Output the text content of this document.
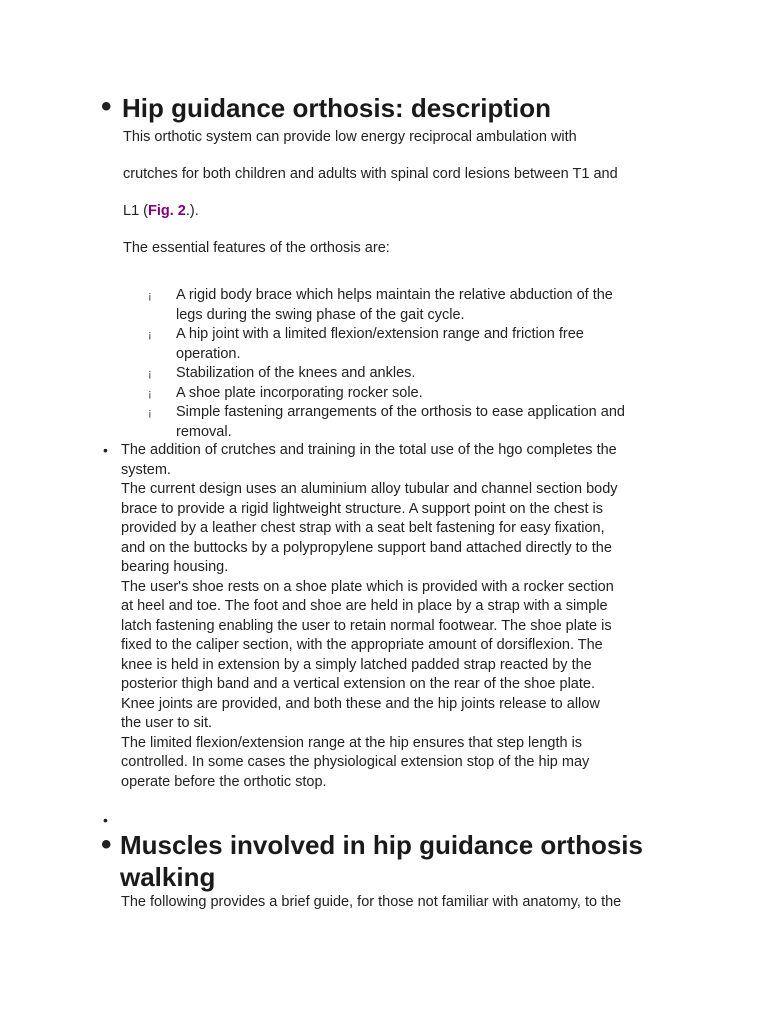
• Hip guidance orthosis: description
This orthotic system can provide low energy reciprocal ambulation with
crutches for both children and adults with spinal cord lesions between T1 and
L1 (Fig. 2.).
The essential features of the orthosis are:
¡ A rigid body brace which helps maintain the relative abduction of the
legs during the swing phase of the gait cycle.
¡ A hip joint with a limited flexion/extension range and friction free
operation.
¡ Stabilization of the knees and ankles.
¡ A shoe plate incorporating rocker sole.
¡ Simple fastening arrangements of the orthosis to ease application and
removal.
• The addition of crutches and training in the total use of the hgo completes the
system.
The current design uses an aluminium alloy tubular and channel section body
brace to provide a rigid lightweight structure. A support point on the chest is
provided by a leather chest strap with a seat belt fastening for easy fixation,
and on the buttocks by a polypropylene support band attached directly to the
bearing housing.
The user's shoe rests on a shoe plate which is provided with a rocker section
at heel and toe. The foot and shoe are held in place by a strap with a simple
latch fastening enabling the user to retain normal footwear. The shoe plate is
fixed to the caliper section, with the appropriate amount of dorsiflexion. The
knee is held in extension by a simply latched padded strap reacted by the
posterior thigh band and a vertical extension on the rear of the shoe plate.
Knee joints are provided, and both these and the hip joints release to allow
the user to sit.
The limited flexion/extension range at the hip ensures that step length is
controlled. In some cases the physiological extension stop of the hip may
operate before the orthotic stop.
•
• Muscles involved in hip guidance orthosis
walking
The following provides a brief guide, for those not familiar with anatomy, to the
